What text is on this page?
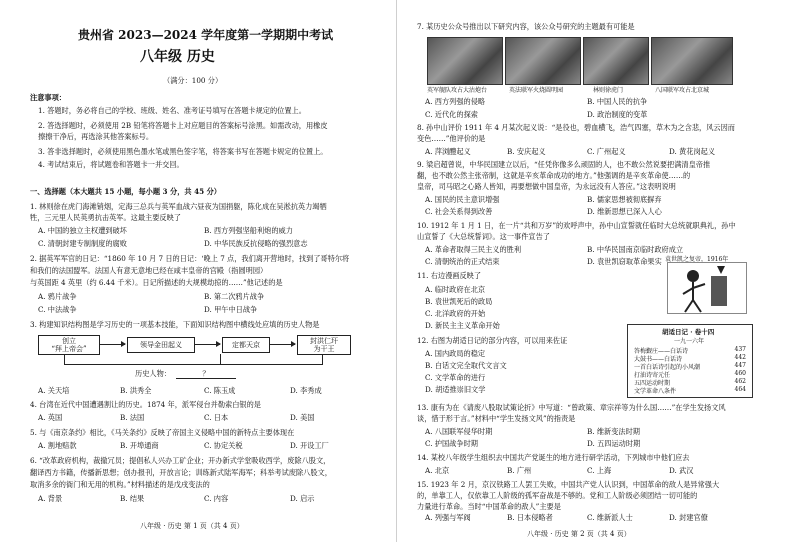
贵州省 2023—2024 学年度第一学期期中考试
八年级 历史
（满分：100 分）
注意事项：
1. 答题时，务必将自己的学校、班级、姓名、准考证号填写在答题卡规定的位置上。
2. 答选择题时，必须使用 2B 铅笔将答题卡上对应题目的答案标号涂黑。如需改动，用橡皮
擦擦干净后，再选涂其他答案标号。
3. 答非选择题时，必须使用黑色墨水笔或黑色签字笔，将答案书写在答题卡规定的位置上。
4. 考试结束后，将试题卷和答题卡一并交回。
一、选择题（本大题共 15 小题，每小题 3 分，共 45 分）
1. 林则徐在虎门海滩销烟，定海三总兵与英军血战六昼夜为国捐躯，陈化成在吴淞抗英力竭牺
牲，三元里人民英勇抗击英军。这最主要反映了
A. 中国的独立主权遭到破坏	B. 西方列强坚船利炮的威力
C. 清朝封建专制制度的腐败	D. 中华民族反抗侵略的强烈意志
2. 据英军军官的日记：“1860 年 10 月 7 日的日记：‘晚上 7 点，我们离开营地时，找到了哥特尔将
和我们的法国盟军。法国人有意无意地已经在咸丰皇帝的宫殿（指圆明园）
与英国距 4 英里（约 6.44 千米）。日记所描述的大规模劫掠的……”他记述的是
A. 鸦片战争	B. 第二次鸦片战争
C. 中法战争	D. 甲午中日战争
3. 构建知识结构图是学习历史的一项基本技能，下面知识结构图中横线处应填的历史人物是
创立
“拜上帝会”	领导金田起义	定都天京	封洪仁玕
为干王
历史人物：	？
A. 关天培	B. 洪秀全	C. 陈玉成	D. 李秀成
4. 台湾在近代中国遭遇割让的历史。1874 年，派军侵台并勒索白银的是
A. 英国	B. 法国	C. 日本	D. 美国
5. 与《南京条约》相比，《马关条约》反映了帝国主义侵略中国的新特点主要体现在
A. 割地赔款	B. 开埠通商	C. 协定关税	D. 开设工厂
6. “改革政府机构，裁撤冗员；提倡私人兴办工矿企业；开办新式学堂吸收西学，废除八股文，
翻译西方书籍，传播新思想；创办报刊，开放言论；训练新式陆军海军；科举考试废除八股文，
取消多余的衙门和无用的机构。”材料描述的是戊戌变法的
A. 背景	B. 结果	C. 内容	D. 启示
八年级 · 历史 第 1 页（共 4 页）
7. 某历史公众号推出以下研究内容，该公众号研究的主题最有可能是
英军舰队攻占大沽炮台	英法联军火烧圆明园	林则徐虎门	八国联军攻占北京城
A. 西方列强的侵略	B. 中国人民的抗争
C. 近代化的探索	D. 政治制度的变革
8. 孙中山评价 1911 年 4 月某次起义说：“是役也，碧血横飞，浩气四塞，草木为之含悲，风云因而
变色……”他评价的是
A. 萍浏醴起义	B. 安庆起义	C. 广州起义	D. 黄花岗起义
9. 梁启超曾说，中华民国建立以后，“任凭你像多么顽固的人，也不敢公然说要把满清皇帝推
翻，也不敢公然主张帝制，这就是辛亥革命成功的地方。”他强调的是辛亥革命使……的
皇帝，司马昭之心路人皆知，再要想做中国皇帝，为永远没有人答应。”这表明说明
A. 国民的民主意识增强	B. 儒家思想被彻底摒弃
C. 社会关系得到改善	D. 维新思想已深入人心
10. 1912 年 1 月 1 日，在一片“共和万岁”的欢呼声中，孙中山宣誓就任临时大总统就职典礼，孙中
山宣誓了《大总统誓词》。这一事件宣告了
A. 革命者取得三民主义的胜利	B. 中华民国南京临时政府成立
C. 清朝统治的正式结束	D. 袁世凯窃取革命果实
11. 右边漫画反映了
A. 临时政府在北京
B. 袁世凯死后的政局
C. 北洋政府的开始
D. 新民主主义革命开始
袁世凯之复帝，1916年
12. 右图为胡适日记的部分内容，可以用来佐证
A. 国内政局的稳定
B. 白话文完全取代文言文
C. 文学革命的进行
D. 胡适推崇旧文学
胡适日记 · 卷十四
一九一六年
答梅觐庄——白话诗	437
大鼓书——白话诗	442
一首白话诗引起的小风潮	447
打油诗寄元任	460
五四运动时期	462
文学革命八条件	464
13. 康有为在《请废八股取试策论折》中写道：“曾政策、章宗祥等为什么国……”在学生发扬文风
谈，惜于形于言。”材料中“学生发扬文风”的指责是
A. 八国联军侵华时期	B. 维新变法时期
C. 护国战争时期	D. 五四运动时期
14. 某校八年级学生组织去中国共产党诞生的地方进行研学活动，下列城市中他们应去
A. 北京	B. 广州	C. 上海	D. 武汉
15. 1923 年 2 月，京汉铁路工人罢工失败，中国共产党人认识到，中国革命的敌人是异常强大
的，单靠工人，仅依靠工人阶级的孤军奋战是不够的。党和工人阶级必须团结一切可能的
力量进行革命。当时“中国革命的敌人”主要是
A. 列强与军阀	B. 日本侵略者	C. 维新派人士	D. 封建官僚
八年级 · 历史 第 2 页（共 4 页）
